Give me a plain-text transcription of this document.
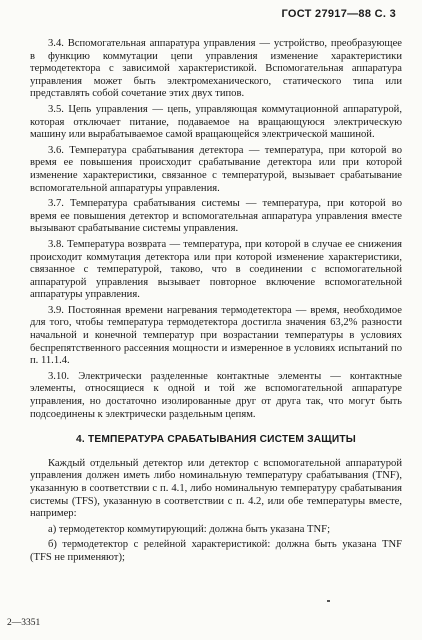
ГОСТ 27917—88 С. 3

3.4. Вспомогательная аппаратура управления — устройство, преобразующее в функцию коммутации цепи управления изменение характеристики термодетектора с зависимой характеристикой. Вспомогательная аппаратура управления может быть электромеханического, статического типа или представлять собой сочетание этих двух типов.

3.5. Цепь управления — цепь, управляющая коммутационной аппаратурой, которая отключает питание, подаваемое на вращающуюся электрическую машину или вырабатываемое самой вращающейся электрической машиной.

3.6. Температура срабатывания детектора — температура, при которой во время ее повышения происходит срабатывание детектора или при которой изменение характеристики, связанное с температурой, вызывает срабатывание вспомогательной аппаратуры управления.

3.7. Температура срабатывания системы — температура, при которой во время ее повышения детектор и вспомогательная аппаратура управления вместе вызывают срабатывание системы управления.

3.8. Температура возврата — температура, при которой в случае ее снижения происходит коммутация детектора или при которой изменение характеристики, связанное с температурой, таково, что в соединении с вспомогательной аппаратурой управления вызывает повторное включение вспомогательной аппаратуры управления.

3.9. Постоянная времени нагревания термодетектора — время, необходимое для того, чтобы температура термодетектора достигла значения 63,2% разности начальной и конечной температур при возрастании температуры в условиях беспрепятственного рассеяния мощности и измеренное в условиях испытаний по п. 11.1.4.

3.10. Электрически разделенные контактные элементы — контактные элементы, относящиеся к одной и той же вспомогательной аппаратуре управления, но достаточно изолированные друг от друга так, что могут быть подсоединены к электрически раздельным цепям.

4. ТЕМПЕРАТУРА СРАБАТЫВАНИЯ СИСТЕМ ЗАЩИТЫ

Каждый отдельный детектор или детектор с вспомогательной аппаратурой управления должен иметь либо номинальную температуру срабатывания (TNF), указанную в соответствии с п. 4.1, либо номинальную температуру срабатывания системы (TFS), указанную в соответствии с п. 4.2, или обе температуры вместе, например:

а) термодетектор коммутирующий: должна быть указана TNF;

б) термодетектор с релейной характеристикой: должна быть указана TNF (TFS не применяют);

2—3351
